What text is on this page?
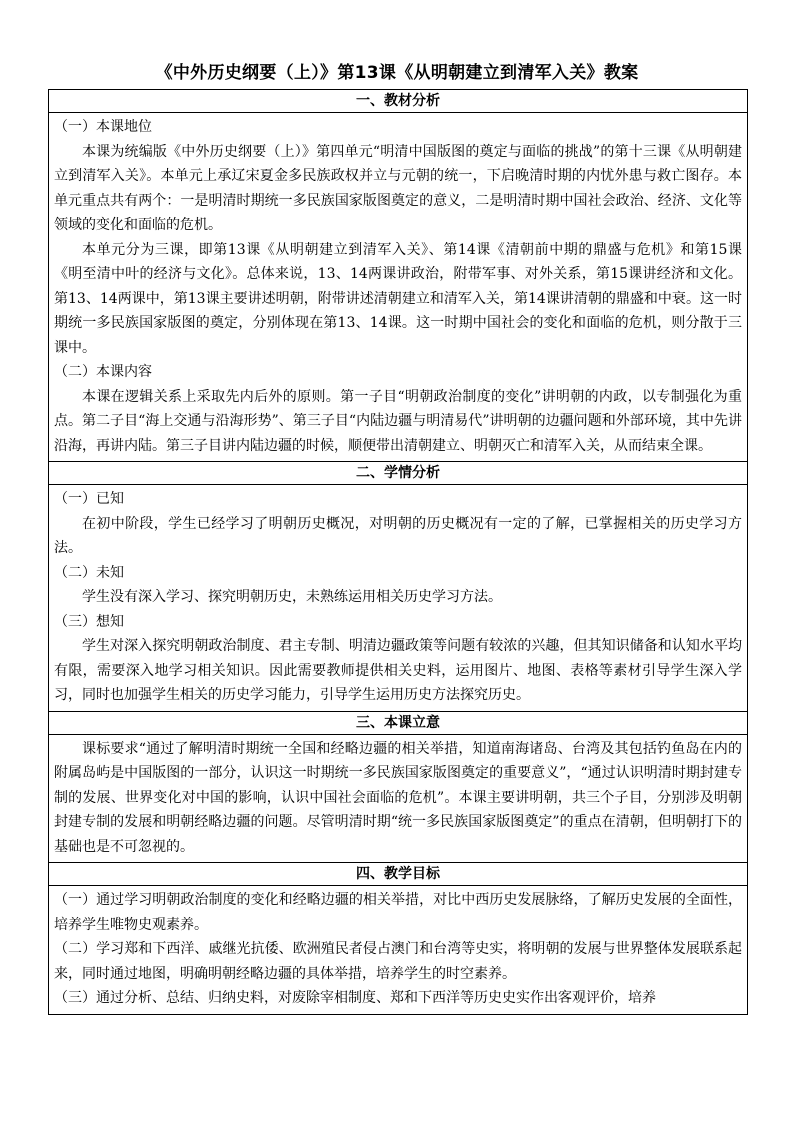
《中外历史纲要（上）》第13课《从明朝建立到清军入关》教案
一、教材分析

（一）本课地位

本课为统编版《中外历史纲要（上）》第四单元“明清中国版图的奠定与面临的挑战”的第十三课《从明朝建立到清军入关》。本单元上承辽宋夏金多民族政权并立与元朝的统一，下启晚清时期的内忧外患与救亡图存。本单元重点共有两个：一是明清时期统一多民族国家版图奠定的意义，二是明清时期中国社会政治、经济、文化等领域的变化和面临的危机。

本单元分为三课，即第13课《从明朝建立到清军入关》、第14课《清朝前中期的鼎盛与危机》和第15课《明至清中叶的经济与文化》。总体来说，13、14两课讲政治，附带军事、对外关系，第15课讲经济和文化。第13、14两课中，第13课主要讲述明朝，附带讲述清朝建立和清军入关，第14课讲清朝的鼎盛和中衰。这一时期统一多民族国家版图的奠定，分别体现在第13、14课。这一时期中国社会的变化和面临的危机，则分散于三课中。

（二）本课内容

本课在逻辑关系上采取先内后外的原则。第一子目“明朝政治制度的变化”讲明朝的内政，以专制强化为重点。第二子目“海上交通与沿海形势”、第三子目“内陆边疆与明清易代”讲明朝的边疆问题和外部环境，其中先讲沿海，再讲内陆。第三子目讲内陆边疆的时候，顺便带出清朝建立、明朝灭亡和清军入关，从而结束全课。

二、学情分析

（一）已知

在初中阶段，学生已经学习了明朝历史概况，对明朝的历史概况有一定的了解，已掌握相关的历史学习方法。

（二）未知

学生没有深入学习、探究明朝历史，未熟练运用相关历史学习方法。

（三）想知

学生对深入探究明朝政治制度、君主专制、明清边疆政策等问题有较浓的兴趣，但其知识储备和认知水平均有限，需要深入地学习相关知识。因此需要教师提供相关史料，运用图片、地图、表格等素材引导学生深入学习，同时也加强学生相关的历史学习能力，引导学生运用历史方法探究历史。

三、本课立意

课标要求“通过了解明清时期统一全国和经略边疆的相关举措，知道南海诸岛、台湾及其包括钓鱼岛在内的附属岛屿是中国版图的一部分，认识这一时期统一多民族国家版图奠定的重要意义”，“通过认识明清时期封建专制的发展、世界变化对中国的影响，认识中国社会面临的危机”。本课主要讲明朝，共三个子目，分别涉及明朝封建专制的发展和明朝经略边疆的问题。尽管明清时期“统一多民族国家版图奠定”的重点在清朝，但明朝打下的基础也是不可忽视的。

四、教学目标

（一）通过学习明朝政治制度的变化和经略边疆的相关举措，对比中西历史发展脉络，了解历史发展的全面性，培养学生唯物史观素养。

（二）学习郑和下西洋、戚继光抗倭、欧洲殖民者侵占澳门和台湾等史实，将明朝的发展与世界整体发展联系起来，同时通过地图，明确明朝经略边疆的具体举措，培养学生的时空素养。

（三）通过分析、总结、归纳史料，对废除宰相制度、郑和下西洋等历史史实作出客观评价，培养
